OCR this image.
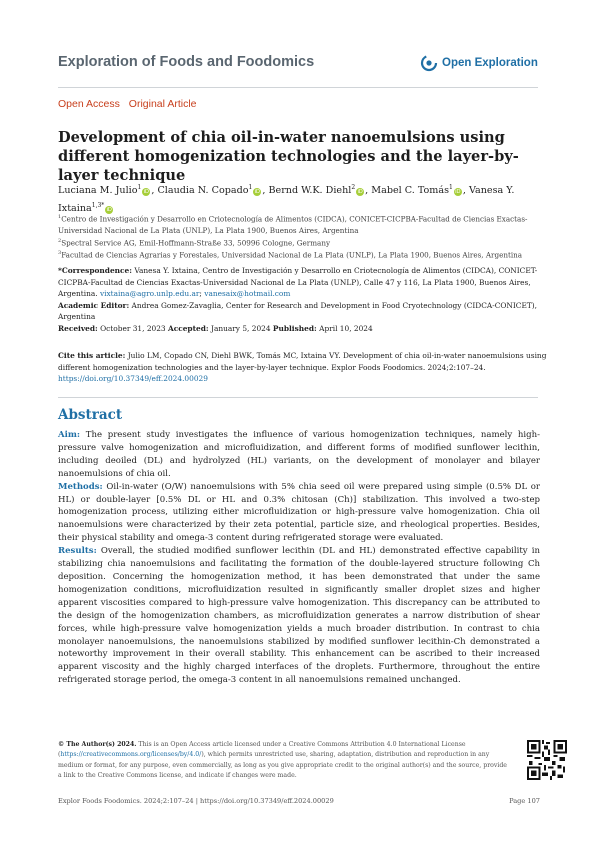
Exploration of Foods and Foodomics	Open Exploration
Open Access Original Article
Development of chia oil-in-water nanoemulsions using different homogenization technologies and the layer-by-layer technique
Luciana M. Julio$^1$iD , Claudia N. Copado$^1$iD , Bernd W.K. Diehl$^2$iD , Mabel C. Tomás$^1$iD , Vanesa Y. Ixtaina$^{1,3*}$iD
$^1$Centro de Investigación y Desarrollo en Criotecnología de Alimentos (CIDCA), CONICET-CICPBA-Facultad de Ciencias Exactas-Universidad Nacional de La Plata (UNLP), La Plata 1900, Buenos Aires, Argentina
$^2$Spectral Service AG, Emil-Hoffmann-Straße 33, 50996 Cologne, Germany
$^3$Facultad de Ciencias Agrarias y Forestales, Universidad Nacional de La Plata (UNLP), La Plata 1900, Buenos Aires, Argentina
*Correspondence: Vanesa Y. Ixtaina, Centro de Investigación y Desarrollo en Criotecnología de Alimentos (CIDCA), CONICET-CICPBA-Facultad de Ciencias Exactas-Universidad Nacional de La Plata (UNLP), Calle 47 y 116, La Plata 1900, Buenos Aires, Argentina. vixtaina@agro.unlp.edu.ar; vanesaix@hotmail.com
Academic Editor: Andrea Gomez-Zavaglia, Center for Research and Development in Food Cryotechnology (CIDCA-CONICET), Argentina
Received: October 31, 2023 Accepted: January 5, 2024 Published: April 10, 2024
Cite this article: Julio LM, Copado CN, Diehl BWK, Tomás MC, Ixtaina VY. Development of chia oil-in-water nanoemulsions using different homogenization technologies and the layer-by-layer technique. Explor Foods Foodomics. 2024;2:107–24. https://doi.org/10.37349/eff.2024.00029
Abstract

Aim: The present study investigates the influence of various homogenization techniques, namely high-pressure valve homogenization and microfluidization, and different forms of modified sunflower lecithin, including deoiled (DL) and hydrolyzed (HL) variants, on the development of monolayer and bilayer nanoemulsions of chia oil.

Methods: Oil-in-water (O/W) nanoemulsions with 5% chia seed oil were prepared using simple (0.5% DL or HL) or double-layer [0.5% DL or HL and 0.3% chitosan (Ch)] stabilization. This involved a two-step homogenization process, utilizing either microfluidization or high-pressure valve homogenization. Chia oil nanoemulsions were characterized by their zeta potential, particle size, and rheological properties. Besides, their physical stability and omega-3 content during refrigerated storage were evaluated.

Results: Overall, the studied modified sunflower lecithin (DL and HL) demonstrated effective capability in stabilizing chia nanoemulsions and facilitating the formation of the double-layered structure following Ch deposition. Concerning the homogenization method, it has been demonstrated that under the same homogenization conditions, microfluidization resulted in significantly smaller droplet sizes and higher apparent viscosities compared to high-pressure valve homogenization. This discrepancy can be attributed to the design of the homogenization chambers, as microfluidization generates a narrow distribution of shear forces, while high-pressure valve homogenization yields a much broader distribution. In contrast to chia monolayer nanoemulsions, the nanoemulsions stabilized by modified sunflower lecithin-Ch demonstrated a noteworthy improvement in their overall stability. This enhancement can be ascribed to their increased apparent viscosity and the highly charged interfaces of the droplets. Furthermore, throughout the entire refrigerated storage period, the omega-3 content in all nanoemulsions remained unchanged.

© The Author(s) 2024. This is an Open Access article licensed under a Creative Commons Attribution 4.0 International License (https://creativecommons.org/licenses/by/4.0/), which permits unrestricted use, sharing, adaptation, distribution and reproduction in any medium or format, for any purpose, even commercially, as long as you give appropriate credit to the original author(s) and the source, provide a link to the Creative Commons license, and indicate if changes were made.
Explor Foods Foodomics. 2024;2:107–24 | https://doi.org/10.37349/eff.2024.00029	Page 107
